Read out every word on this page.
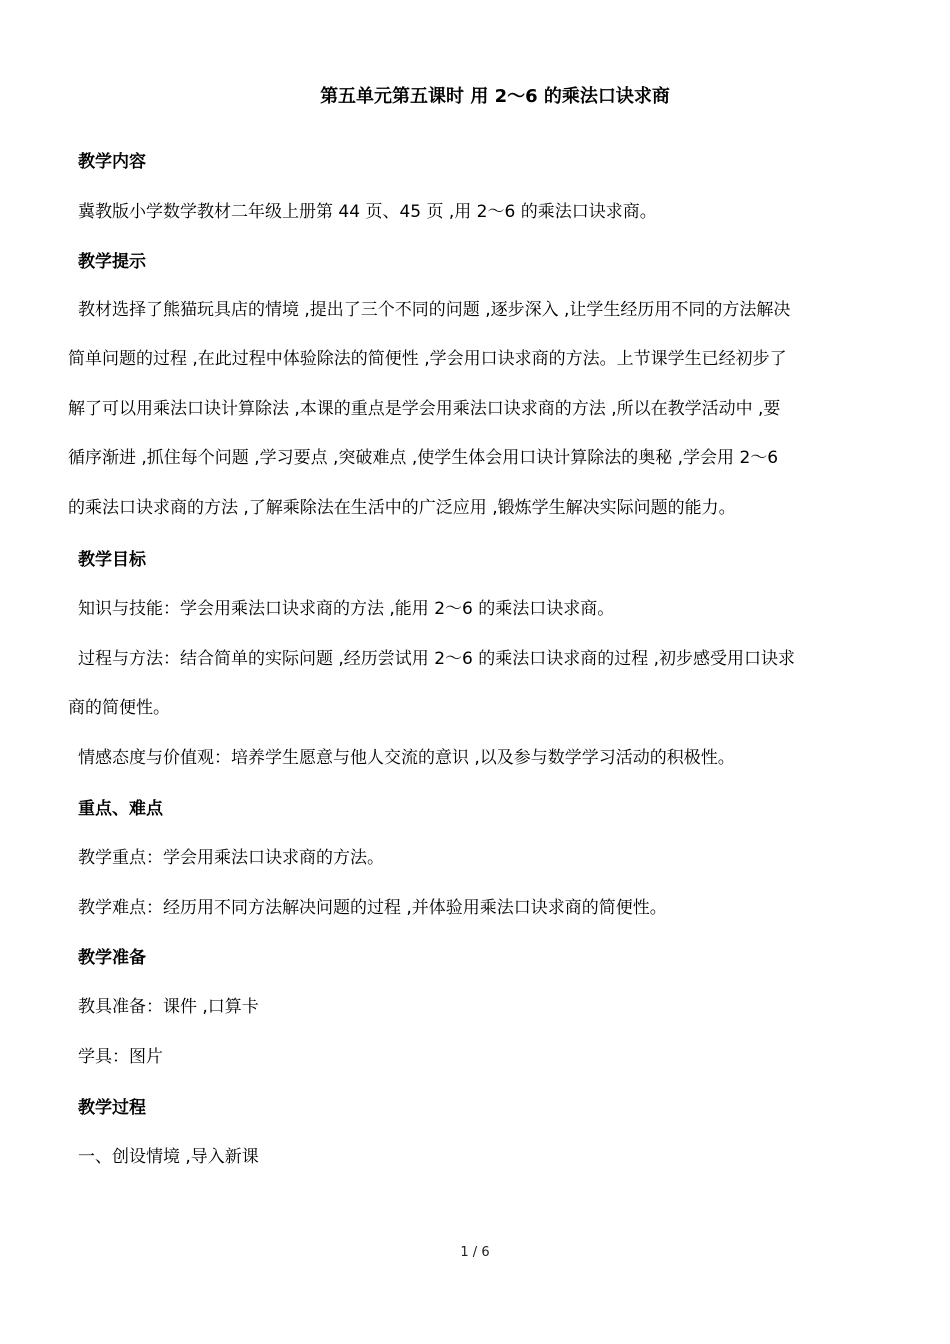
第五单元第五课时 用 2～6 的乘法口诀求商
教学内容
冀教版小学数学教材二年级上册第 44 页、45 页 ,用 2～6 的乘法口诀求商。
教学提示
教材选择了熊猫玩具店的情境 ,提出了三个不同的问题 ,逐步深入 ,让学生经历用不同的方法解决
简单问题的过程 ,在此过程中体验除法的简便性 ,学会用口诀求商的方法。上节课学生已经初步了
解了可以用乘法口诀计算除法 ,本课的重点是学会用乘法口诀求商的方法 ,所以在教学活动中 ,要
循序渐进 ,抓住每个问题 ,学习要点 ,突破难点 ,使学生体会用口诀计算除法的奥秘 ,学会用 2～6
的乘法口诀求商的方法 ,了解乘除法在生活中的广泛应用 ,锻炼学生解决实际问题的能力。
教学目标
知识与技能：学会用乘法口诀求商的方法 ,能用 2～6 的乘法口诀求商。
过程与方法：结合简单的实际问题 ,经历尝试用 2～6 的乘法口诀求商的过程 ,初步感受用口诀求
商的简便性。
情感态度与价值观：培养学生愿意与他人交流的意识 ,以及参与数学学习活动的积极性。
重点、难点
教学重点：学会用乘法口诀求商的方法。
教学难点：经历用不同方法解决问题的过程 ,并体验用乘法口诀求商的简便性。
教学准备
教具准备：课件 ,口算卡
学具：图片
教学过程
一、创设情境 ,导入新课
1 / 6
